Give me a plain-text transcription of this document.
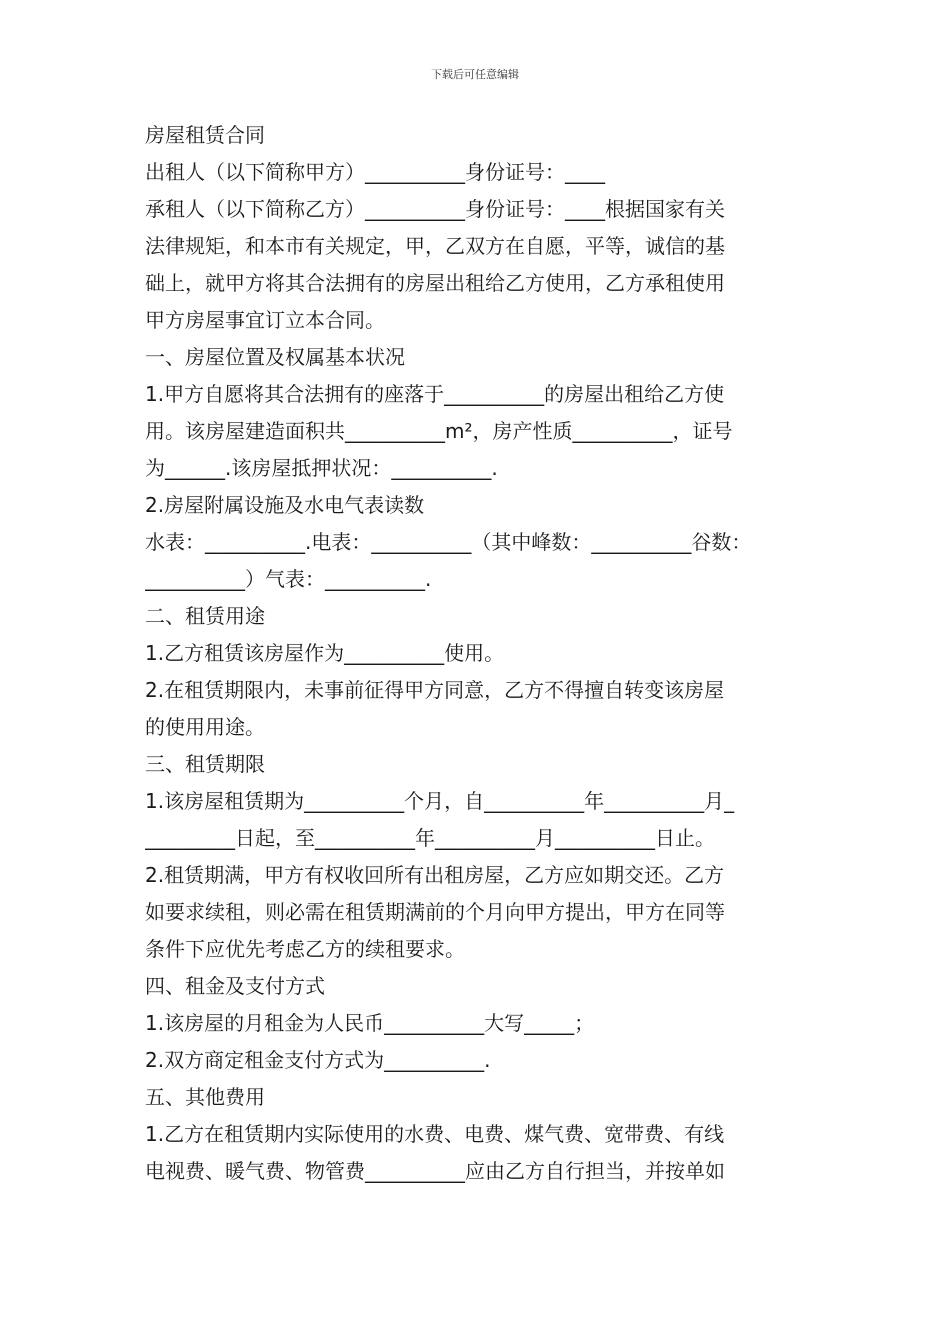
下载后可任意编辑
房屋租赁合同
出租人（以下简称甲方）__________身份证号：____
承租人（以下简称乙方）__________身份证号：____根据国家有关
法律规矩，和本市有关规定，甲，乙双方在自愿，平等，诚信的基
础上，就甲方将其合法拥有的房屋出租给乙方使用，乙方承租使用
甲方房屋事宜订立本合同。
一、房屋位置及权属基本状况
1.甲方自愿将其合法拥有的座落于__________的房屋出租给乙方使
用。该房屋建造面积共__________m²，房产性质__________，证号
为______.该房屋抵押状况：__________.
2.房屋附属设施及水电气表读数
水表：__________.电表：__________（其中峰数：__________谷数：
__________）气表：__________.
二、租赁用途
1.乙方租赁该房屋作为__________使用。
2.在租赁期限内，未事前征得甲方同意，乙方不得擅自转变该房屋
的使用用途。
三、租赁期限
1.该房屋租赁期为__________个月，自__________年__________月_
_________日起，至__________年__________月__________日止。
2.租赁期满，甲方有权收回所有出租房屋，乙方应如期交还。乙方
如要求续租，则必需在租赁期满前的个月向甲方提出，甲方在同等
条件下应优先考虑乙方的续租要求。
四、租金及支付方式
1.该房屋的月租金为人民币__________大写_____；
2.双方商定租金支付方式为__________.
五、其他费用
1.乙方在租赁期内实际使用的水费、电费、煤气费、宽带费、有线
电视费、暖气费、物管费__________应由乙方自行担当，并按单如
